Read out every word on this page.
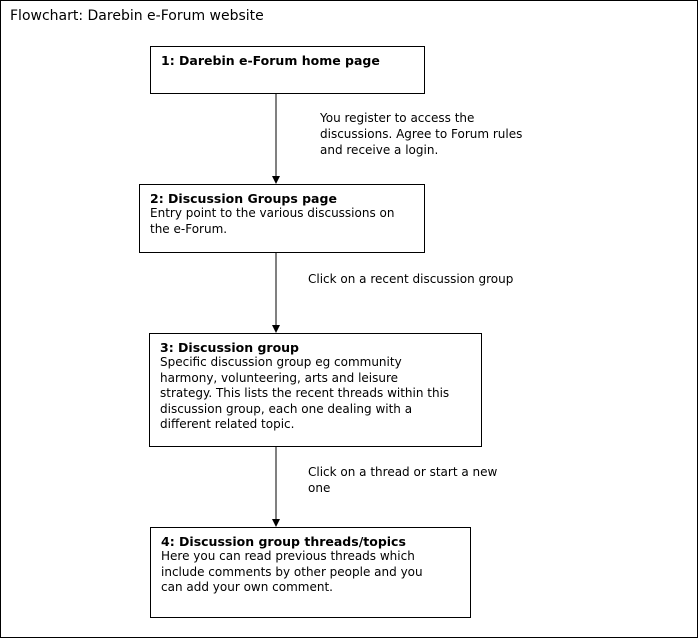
Flowchart: Darebin e-Forum website
1: Darebin e-Forum home page
2: Discussion Groups page
Entry point to the various discussions on
the e-Forum.
3: Discussion group
Specific discussion group eg community
harmony, volunteering, arts and leisure
strategy. This lists the recent threads within this
discussion group, each one dealing with a
different related topic.
4: Discussion group threads/topics
Here you can read previous threads which
include comments by other people and you
can add your own comment.
You register to access the
discussions. Agree to Forum rules
and receive a login.
Click on a recent discussion group
Click on a thread or start a new
one
